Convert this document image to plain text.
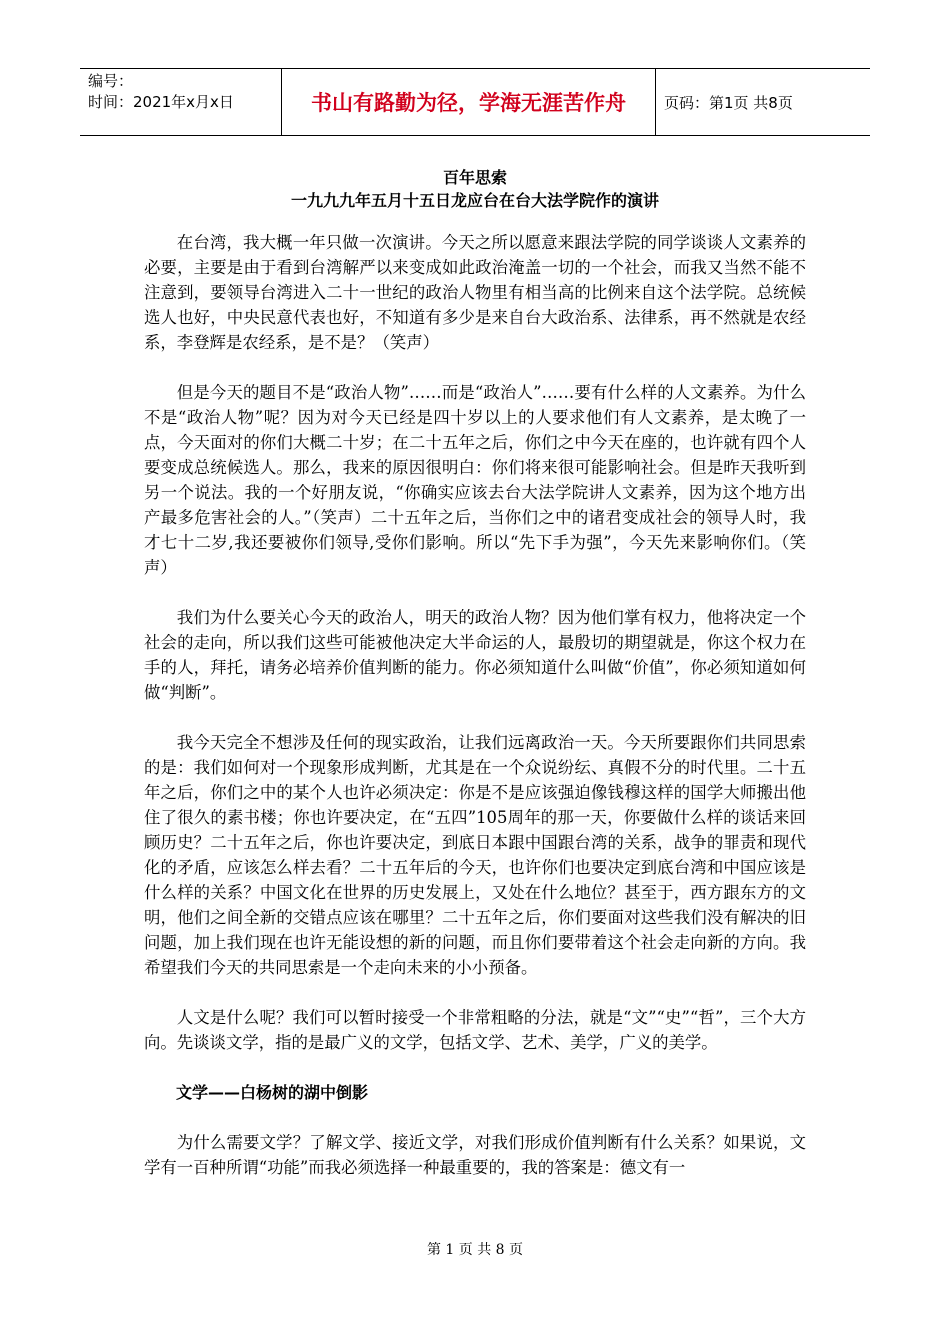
编号：
时间：2021年x月x日	书山有路勤为径，学海无涯苦作舟	页码：第1页 共8页
百年思索
一九九九年五月十五日龙应台在台大法学院作的演讲

在台湾，我大概一年只做一次演讲。今天之所以愿意来跟法学院的同学谈谈人文素养的必要，主要是由于看到台湾解严以来变成如此政治淹盖一切的一个社会，而我又当然不能不注意到，要领导台湾进入二十一世纪的政治人物里有相当高的比例来自这个法学院。总统候选人也好，中央民意代表也好，不知道有多少是来自台大政治系、法律系，再不然就是农经系，李登辉是农经系，是不是？（笑声）

但是今天的题目不是“政治人物”……而是“政治人”……要有什么样的人文素养。为什么不是“政治人物”呢？因为对今天已经是四十岁以上的人要求他们有人文素养，是太晚了一点，今天面对的你们大概二十岁；在二十五年之后，你们之中今天在座的，也许就有四个人要变成总统候选人。那么，我来的原因很明白：你们将来很可能影响社会。但是昨天我听到另一个说法。我的一个好朋友说，“你确实应该去台大法学院讲人文素养，因为这个地方出产最多危害社会的人。”（笑声）二十五年之后，当你们之中的诸君变成社会的领导人时，我才七十二岁,我还要被你们领导,受你们影响。所以“先下手为强”，今天先来影响你们。（笑声）

我们为什么要关心今天的政治人，明天的政治人物？因为他们掌有权力，他将决定一个社会的走向，所以我们这些可能被他决定大半命运的人，最殷切的期望就是，你这个权力在手的人，拜托，请务必培养价值判断的能力。你必须知道什么叫做“价值”，你必须知道如何做“判断”。

我今天完全不想涉及任何的现实政治，让我们远离政治一天。今天所要跟你们共同思索的是：我们如何对一个现象形成判断，尤其是在一个众说纷纭、真假不分的时代里。二十五年之后，你们之中的某个人也许必须决定：你是不是应该强迫像钱穆这样的国学大师搬出他住了很久的素书楼；你也许要决定，在“五四”105周年的那一天，你要做什么样的谈话来回顾历史？二十五年之后，你也许要决定，到底日本跟中国跟台湾的关系，战争的罪责和现代化的矛盾，应该怎么样去看？二十五年后的今天，也许你们也要决定到底台湾和中国应该是什么样的关系？中国文化在世界的历史发展上，又处在什么地位？甚至于，西方跟东方的文明，他们之间全新的交错点应该在哪里？二十五年之后，你们要面对这些我们没有解决的旧问题，加上我们现在也许无能设想的新的问题，而且你们要带着这个社会走向新的方向。我希望我们今天的共同思索是一个走向未来的小小预备。

人文是什么呢？我们可以暂时接受一个非常粗略的分法，就是“文”“史”“哲”，三个大方向。先谈谈文学，指的是最广义的文学，包括文学、艺术、美学，广义的美学。

文学——白杨树的湖中倒影

为什么需要文学？了解文学、接近文学，对我们形成价值判断有什么关系？如果说，文学有一百种所谓“功能”而我必须选择一种最重要的，我的答案是：德文有一

第 1 页 共 8 页
